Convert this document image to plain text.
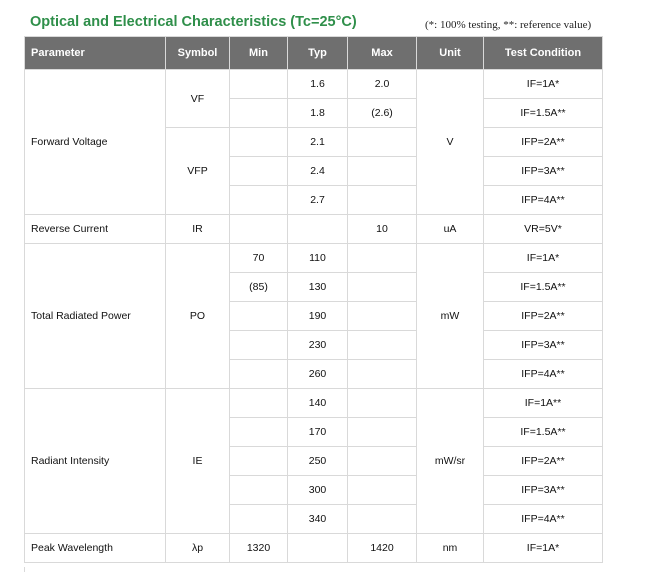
Optical and Electrical Characteristics (Tc=25°C)	(*: 100% testing, **: reference value)
Parameter	Symbol	Min	Typ	Max	Unit	Test Condition
Forward Voltage	VF		1.6	2.0	V	IF=1A*
			1.8	(2.6)		IF=1.5A**
	VFP		2.1			IFP=2A**
			2.4			IFP=3A**
			2.7			IFP=4A**
Reverse Current	IR			10	uA	VR=5V*
Total Radiated Power	PO	70	110		mW	IF=1A*
		(85)	130			IF=1.5A**
			190			IFP=2A**
			230			IFP=3A**
			260			IFP=4A**
Radiant Intensity	IE		140		mW/sr	IF=1A**
			170			IF=1.5A**
			250			IFP=2A**
			300			IFP=3A**
			340			IFP=4A**
Peak Wavelength	λp	1320		1420	nm	IF=1A*
